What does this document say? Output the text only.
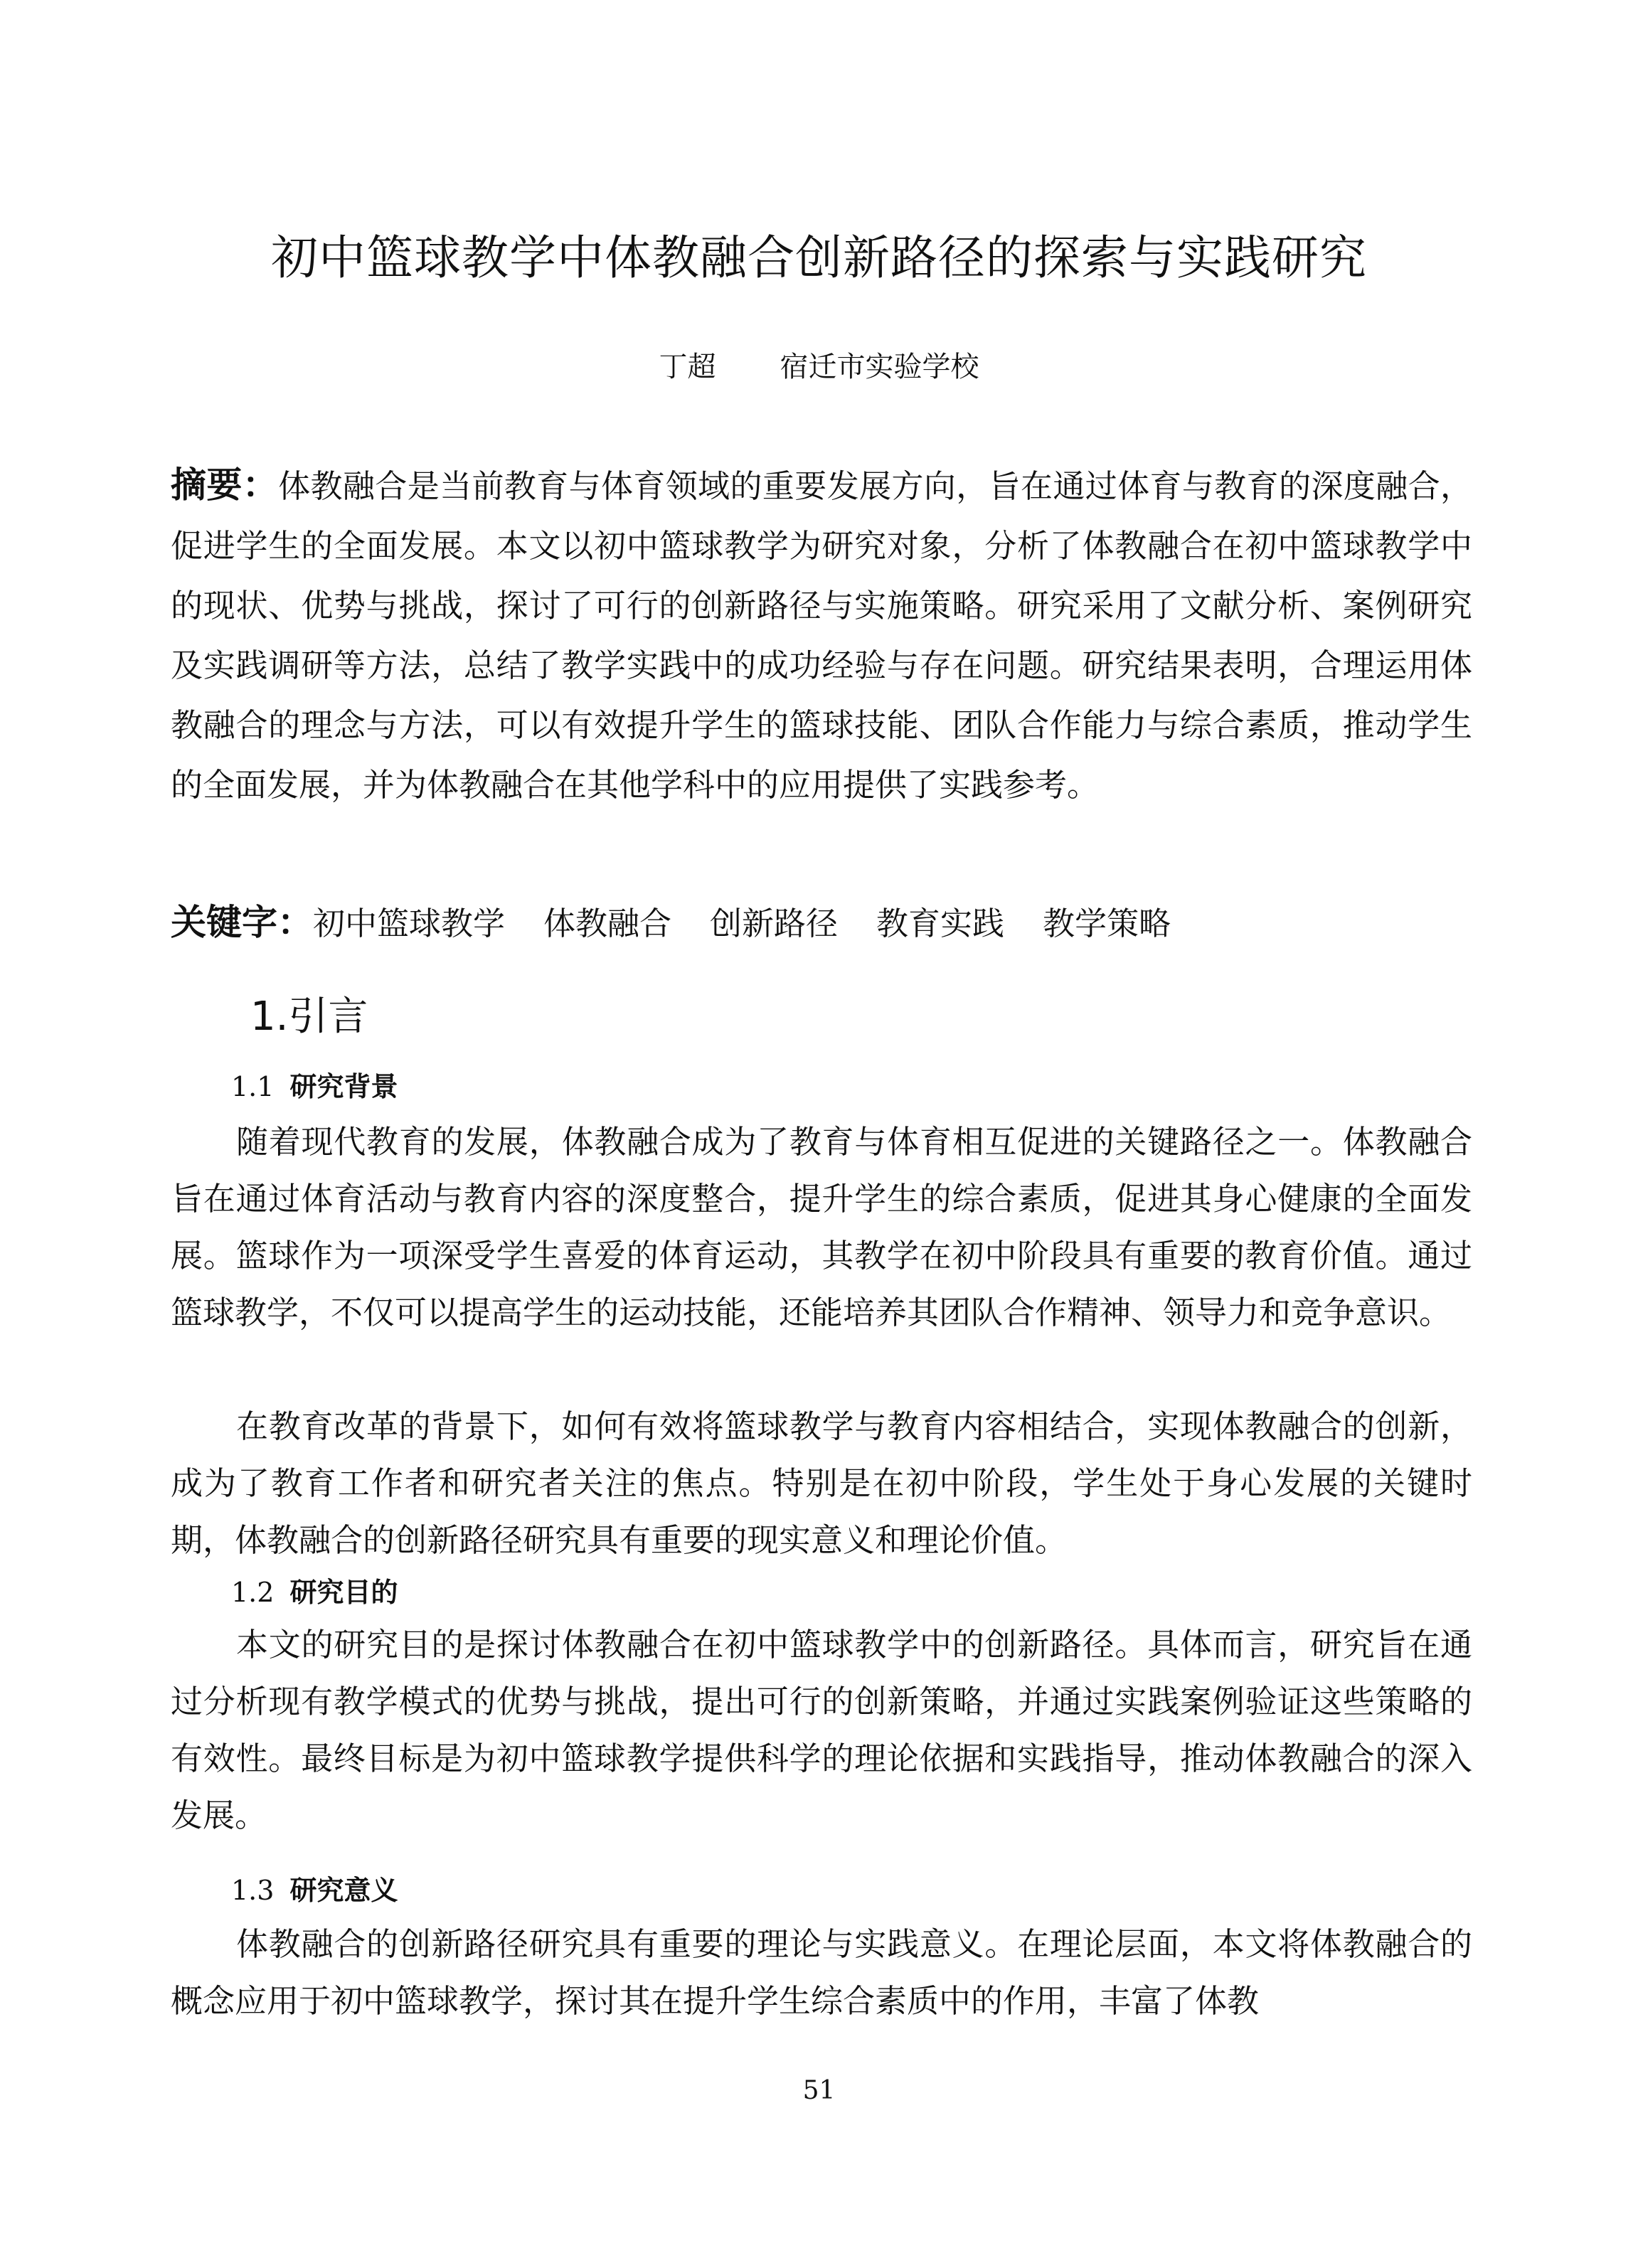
初中篮球教学中体教融合创新路径的探索与实践研究
丁超 宿迁市实验学校

摘要：体教融合是当前教育与体育领域的重要发展方向，旨在通过体育与教育的深度融合，促进学生的全面发展。本文以初中篮球教学为研究对象，分析了体教融合在初中篮球教学中的现状、优势与挑战，探讨了可行的创新路径与实施策略。研究采用了文献分析、案例研究及实践调研等方法，总结了教学实践中的成功经验与存在问题。研究结果表明，合理运用体教融合的理念与方法，可以有效提升学生的篮球技能、团队合作能力与综合素质，推动学生的全面发展，并为体教融合在其他学科中的应用提供了实践参考。

关键字：初中篮球教学 体教融合 创新路径 教育实践 教学策略

1.引言
1.1 研究背景

随着现代教育的发展，体教融合成为了教育与体育相互促进的关键路径之一。体教融合旨在通过体育活动与教育内容的深度整合，提升学生的综合素质，促进其身心健康的全面发展。篮球作为一项深受学生喜爱的体育运动，其教学在初中阶段具有重要的教育价值。通过篮球教学，不仅可以提高学生的运动技能，还能培养其团队合作精神、领导力和竞争意识。

在教育改革的背景下，如何有效将篮球教学与教育内容相结合，实现体教融合的创新，成为了教育工作者和研究者关注的焦点。特别是在初中阶段，学生处于身心发展的关键时期，体教融合的创新路径研究具有重要的现实意义和理论价值。

1.2 研究目的

本文的研究目的是探讨体教融合在初中篮球教学中的创新路径。具体而言，研究旨在通过分析现有教学模式的优势与挑战，提出可行的创新策略，并通过实践案例验证这些策略的有效性。最终目标是为初中篮球教学提供科学的理论依据和实践指导，推动体教融合的深入发展。

1.3 研究意义

体教融合的创新路径研究具有重要的理论与实践意义。在理论层面，本文将体教融合的概念应用于初中篮球教学，探讨其在提升学生综合素质中的作用，丰富了体教

51
